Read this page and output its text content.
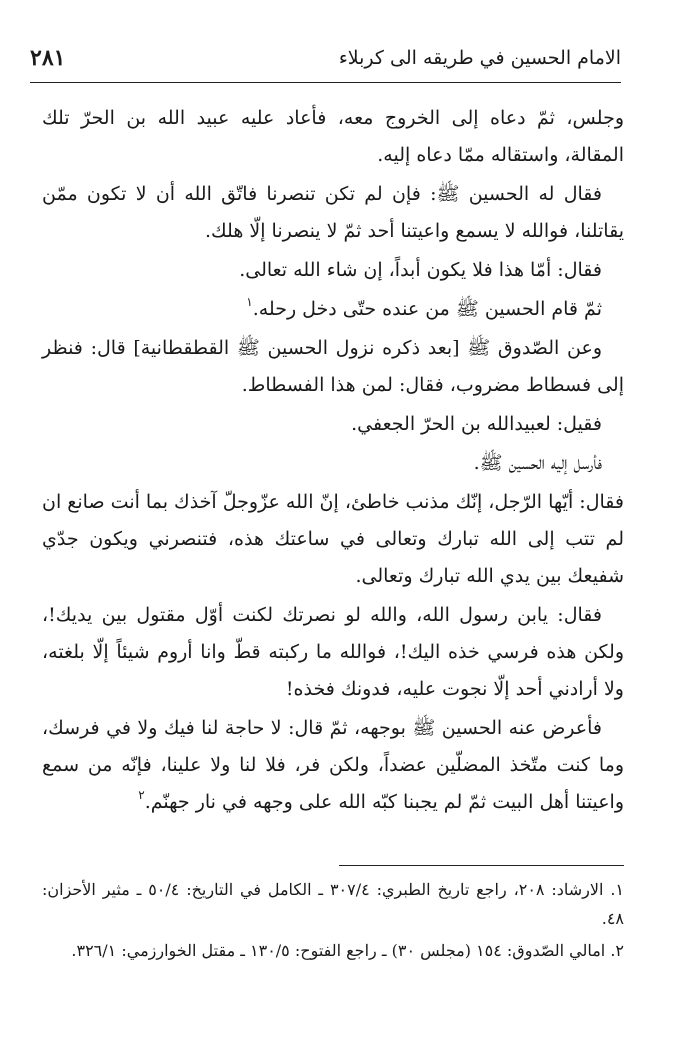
الامام الحسين في طريقه الى كربلاء
٢٨١

وجلس، ثمّ دعاه إلى الخروج معه، فأعاد عليه عبيد الله بن الحرّ تلك المقالة، واستقاله ممّا دعاه إليه.

فقال له الحسين ﷺ: فإن لم تكن تنصرنا فاتّق الله أن لا تكون ممّن يقاتلنا، فوالله لا يسمع واعيتنا أحد ثمّ لا ينصرنا إلّا هلك.

فقال: أمّا هذا فلا يكون أبداً، إن شاء الله تعالى.

ثمّ قام الحسين ﷺ من عنده حتّى دخل رحله.$^١$

وعن الصّدوق ﷺ [بعد ذكره نزول الحسين ﷺ القطقطانية] قال: فنظر إلى فسطاط مضروب، فقال: لمن هذا الفسطاط.

فقيل: لعبيدالله بن الحرّ الجعفي.

فأرسل إليه الحسين ﷺ.

فقال: أيّها الرّجل، إنّك مذنب خاطئ، إنّ الله عزّوجلّ آخذك بما أنت صانع ان لم تتب إلى الله تبارك وتعالى في ساعتك هذه، فتنصرني ويكون جدّي شفيعك بين يدي الله تبارك وتعالى.

فقال: يابن رسول الله، والله لو نصرتك لكنت أوّل مقتول بين يديك!، ولكن هذه فرسي خذه اليك!، فوالله ما ركبته قطّ وانا أروم شيئاً إلّا بلغته، ولا أرادني أحد إلّا نجوت عليه، فدونك فخذه!

فأعرض عنه الحسين ﷺ بوجهه، ثمّ قال: لا حاجة لنا فيك ولا في فرسك، وما كنت متّخذ المضلّين عضداً، ولكن فر، فلا لنا ولا علينا، فإنّه من سمع واعيتنا أهل البيت ثمّ لم يجبنا كبّه الله على وجهه في نار جهنّم.$^٢$

١. الارشاد: ٢٠٨، راجع تاريخ الطبري: ٣٠٧/٤ ـ الكامل في التاريخ: ٥٠/٤ ـ مثير الأحزان: ٤٨.

٢. امالي الصّدوق: ١٥٤ (مجلس ٣٠) ـ راجع الفتوح: ١٣٠/٥ ـ مقتل الخوارزمي: ٣٢٦/١.
